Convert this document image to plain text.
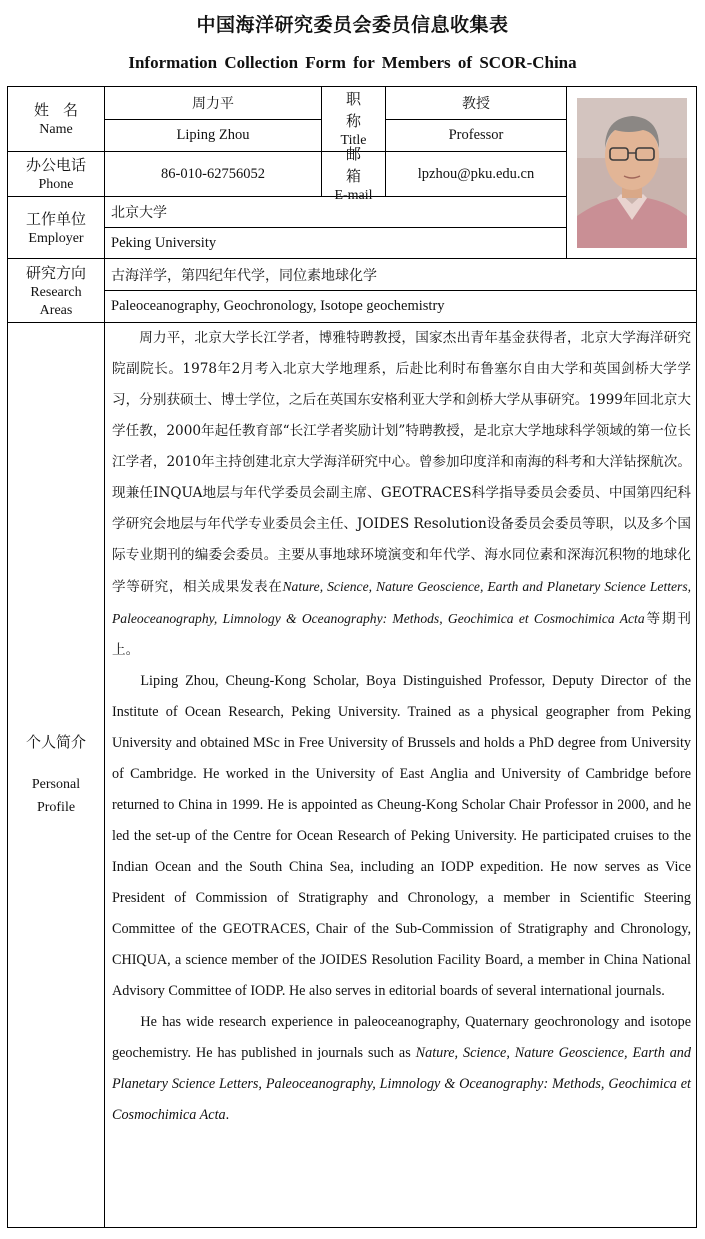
中国海洋研究委员会委员信息收集表
Information Collection Form for Members of SCOR-China
姓名
Name
周力平
Liping Zhou
职称
Title
教授
Professor
办公电话
Phone
86-010-62756052
邮箱
E-mail
lpzhou@pku.edu.cn
工作单位
Employer
北京大学
Peking University
研究方向
Research
Areas
古海洋学，第四纪年代学，同位素地球化学
Paleoceanography, Geochronology, Isotope geochemistry
个人简介
Personal
Profile

周力平，北京大学长江学者，博雅特聘教授，国家杰出青年基金获得者，北京大学海洋研究院副院长。1978年2月考入北京大学地理系，后赴比利时布鲁塞尔自由大学和英国剑桥大学学习，分别获硕士、博士学位，之后在英国东安格利亚大学和剑桥大学从事研究。1999年回北京大学任教，2000年起任教育部“长江学者奖励计划”特聘教授，是北京大学地球科学领域的第一位长江学者，2010年主持创建北京大学海洋研究中心。曾参加印度洋和南海的科考和大洋钻探航次。现兼任INQUA地层与年代学委员会副主席、GEOTRACES科学指导委员会委员、中国第四纪科学研究会地层与年代学专业委员会主任、JOIDES Resolution设备委员会委员等职，以及多个国际专业期刊的编委会委员。主要从事地球环境演变和年代学、海水同位素和深海沉积物的地球化学等研究，相关成果发表在Nature, Science, Nature Geoscience, Earth and Planetary Science Letters, Paleoceanography, Limnology & Oceanography: Methods, Geochimica et Cosmochimica Acta等期刊上。

Liping Zhou, Cheung-Kong Scholar, Boya Distinguished Professor, Deputy Director of the Institute of Ocean Research, Peking University. Trained as a physical geographer from Peking University and obtained MSc in Free University of Brussels and holds a PhD degree from University of Cambridge. He worked in the University of East Anglia and University of Cambridge before returned to China in 1999. He is appointed as Cheung-Kong Scholar Chair Professor in 2000, and he led the set-up of the Centre for Ocean Research of Peking University. He participated cruises to the Indian Ocean and the South China Sea, including an IODP expedition. He now serves as Vice President of Commission of Stratigraphy and Chronology, a member in Scientific Steering Committee of the GEOTRACES, Chair of the Sub-Commission of Stratigraphy and Chronology, CHIQUA, a science member of the JOIDES Resolution Facility Board, a member in China National Advisory Committee of IODP. He also serves in editorial boards of several international journals.

He has wide research experience in paleoceanography, Quaternary geochronology and isotope geochemistry. He has published in journals such as Nature, Science, Nature Geoscience, Earth and Planetary Science Letters, Paleoceanography, Limnology & Oceanography: Methods, Geochimica et Cosmochimica Acta.
